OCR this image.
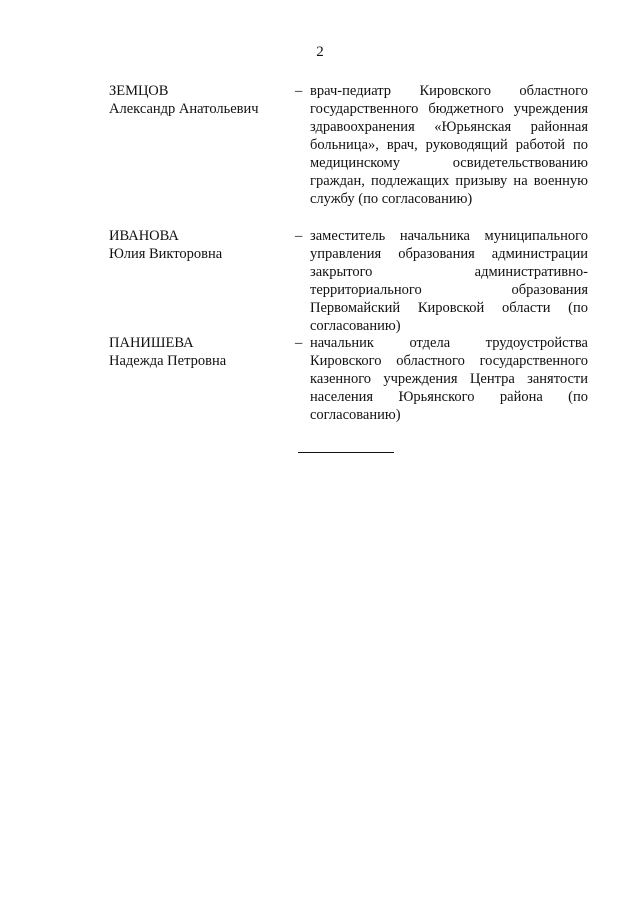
2
ЗЕМЦОВ
Александр Анатольевич
– врач-педиатр Кировского областного государственного бюджетного учреждения здравоохранения «Юрьянская районная больница», врач, руководящий работой по медицинскому освидетельствованию граждан, подлежащих призыву на военную службу (по согласованию)
ИВАНОВА
Юлия Викторовна
– заместитель начальника муниципального управления образования администрации закрытого административно-территориального образования Первомайский Кировской области (по согласованию)
ПАНИШЕВА
Надежда Петровна
– начальник отдела трудоустройства Кировского областного государственного казенного учреждения Центра занятости населения Юрьянского района (по согласованию)
